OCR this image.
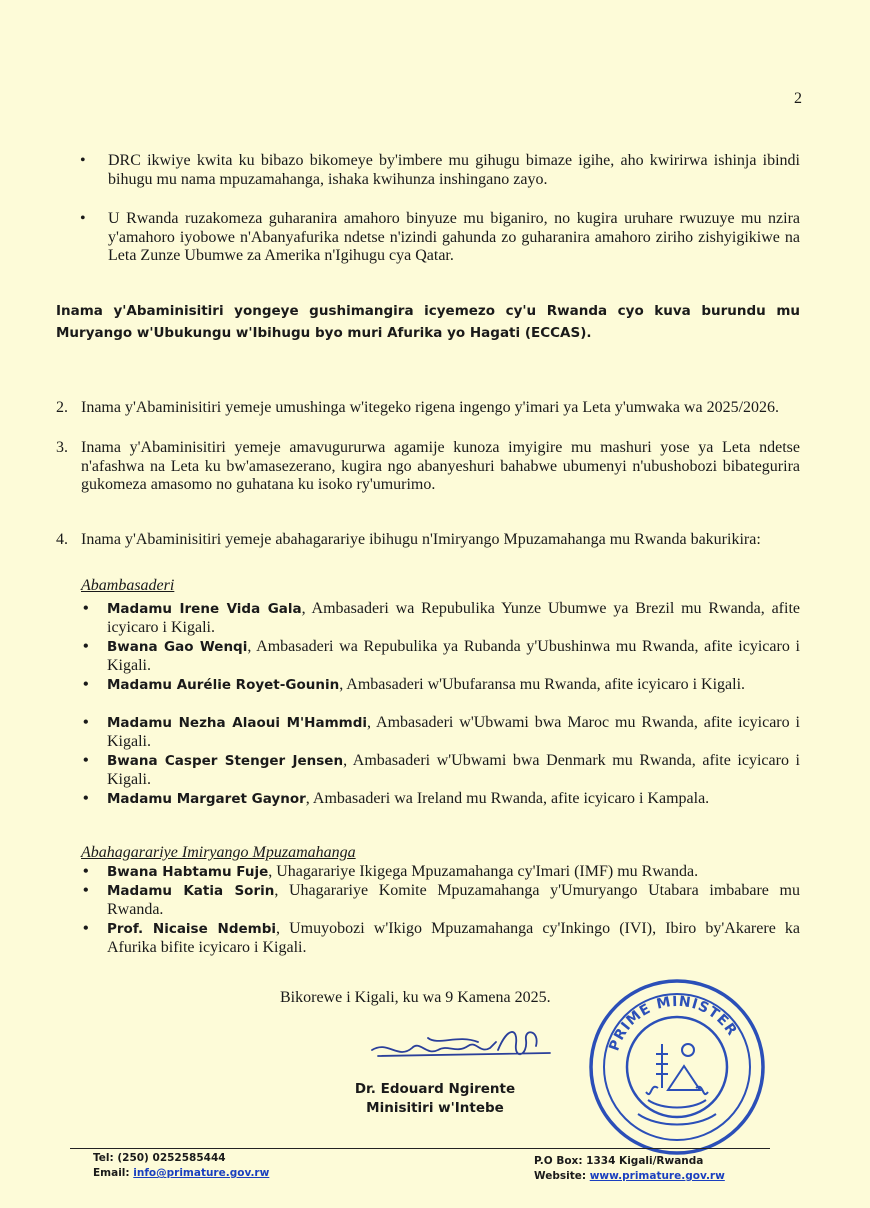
2
• DRC ikwiye kwita ku bibazo bikomeye by'imbere mu gihugu bimaze igihe, aho kwirirwa ishinja ibindi bihugu mu nama mpuzamahanga, ishaka kwihunza inshingano zayo.
• U Rwanda ruzakomeza guharanira amahoro binyuze mu biganiro, no kugira uruhare rwuzuye mu nzira y'amahoro iyobowe n'Abanyafurika ndetse n'izindi gahunda zo guharanira amahoro ziriho zishyigikiwe na Leta Zunze Ubumwe za Amerika n'Igihugu cya Qatar.
Inama y'Abaminisitiri yongeye gushimangira icyemezo cy'u Rwanda cyo kuva burundu mu Muryango w'Ubukungu w'Ibihugu byo muri Afurika yo Hagati (ECCAS).
2. Inama y'Abaminisitiri yemeje umushinga w'itegeko rigena ingengo y'imari ya Leta y'umwaka wa 2025/2026.
3. Inama y'Abaminisitiri yemeje amavugururwa agamije kunoza imyigire mu mashuri yose ya Leta ndetse n'afashwa na Leta ku bw'amasezerano, kugira ngo abanyeshuri bahabwe ubumenyi n'ubushobozi bibategurira gukomeza amasomo no guhatana ku isoko ry'umurimo.
4. Inama y'Abaminisitiri yemeje abahagarariye ibihugu n'Imiryango Mpuzamahanga mu Rwanda bakurikira:
Abambasaderi
• Madamu Irene Vida Gala, Ambasaderi wa Repubulika Yunze Ubumwe ya Brezil mu Rwanda, afite icyicaro i Kigali.
• Bwana Gao Wenqi, Ambasaderi wa Repubulika ya Rubanda y'Ubushinwa mu Rwanda, afite icyicaro i Kigali.
• Madamu Aurélie Royet-Gounin, Ambasaderi w'Ubufaransa mu Rwanda, afite icyicaro i Kigali.
• Madamu Nezha Alaoui M'Hammdi, Ambasaderi w'Ubwami bwa Maroc mu Rwanda, afite icyicaro i Kigali.
• Bwana Casper Stenger Jensen, Ambasaderi w'Ubwami bwa Denmark mu Rwanda, afite icyicaro i Kigali.
• Madamu Margaret Gaynor, Ambasaderi wa Ireland mu Rwanda, afite icyicaro i Kampala.
Abahagarariye Imiryango Mpuzamahanga
• Bwana Habtamu Fuje, Uhagarariye Ikigega Mpuzamahanga cy'Imari (IMF) mu Rwanda.
• Madamu Katia Sorin, Uhagarariye Komite Mpuzamahanga y'Umuryango Utabara imbabare mu Rwanda.
• Prof. Nicaise Ndembi, Umuyobozi w'Ikigo Mpuzamahanga cy'Inkingo (IVI), Ibiro by'Akarere ka Afurika bifite icyicaro i Kigali.
Bikorewe i Kigali, ku wa 9 Kamena 2025.
Dr. Edouard Ngirente
Minisitiri w'Intebe
PRIME MINISTER
Tel: (250) 0252585444
Email: info@primature.gov.rw
P.O Box: 1334 Kigali/Rwanda
Website: www.primature.gov.rw
